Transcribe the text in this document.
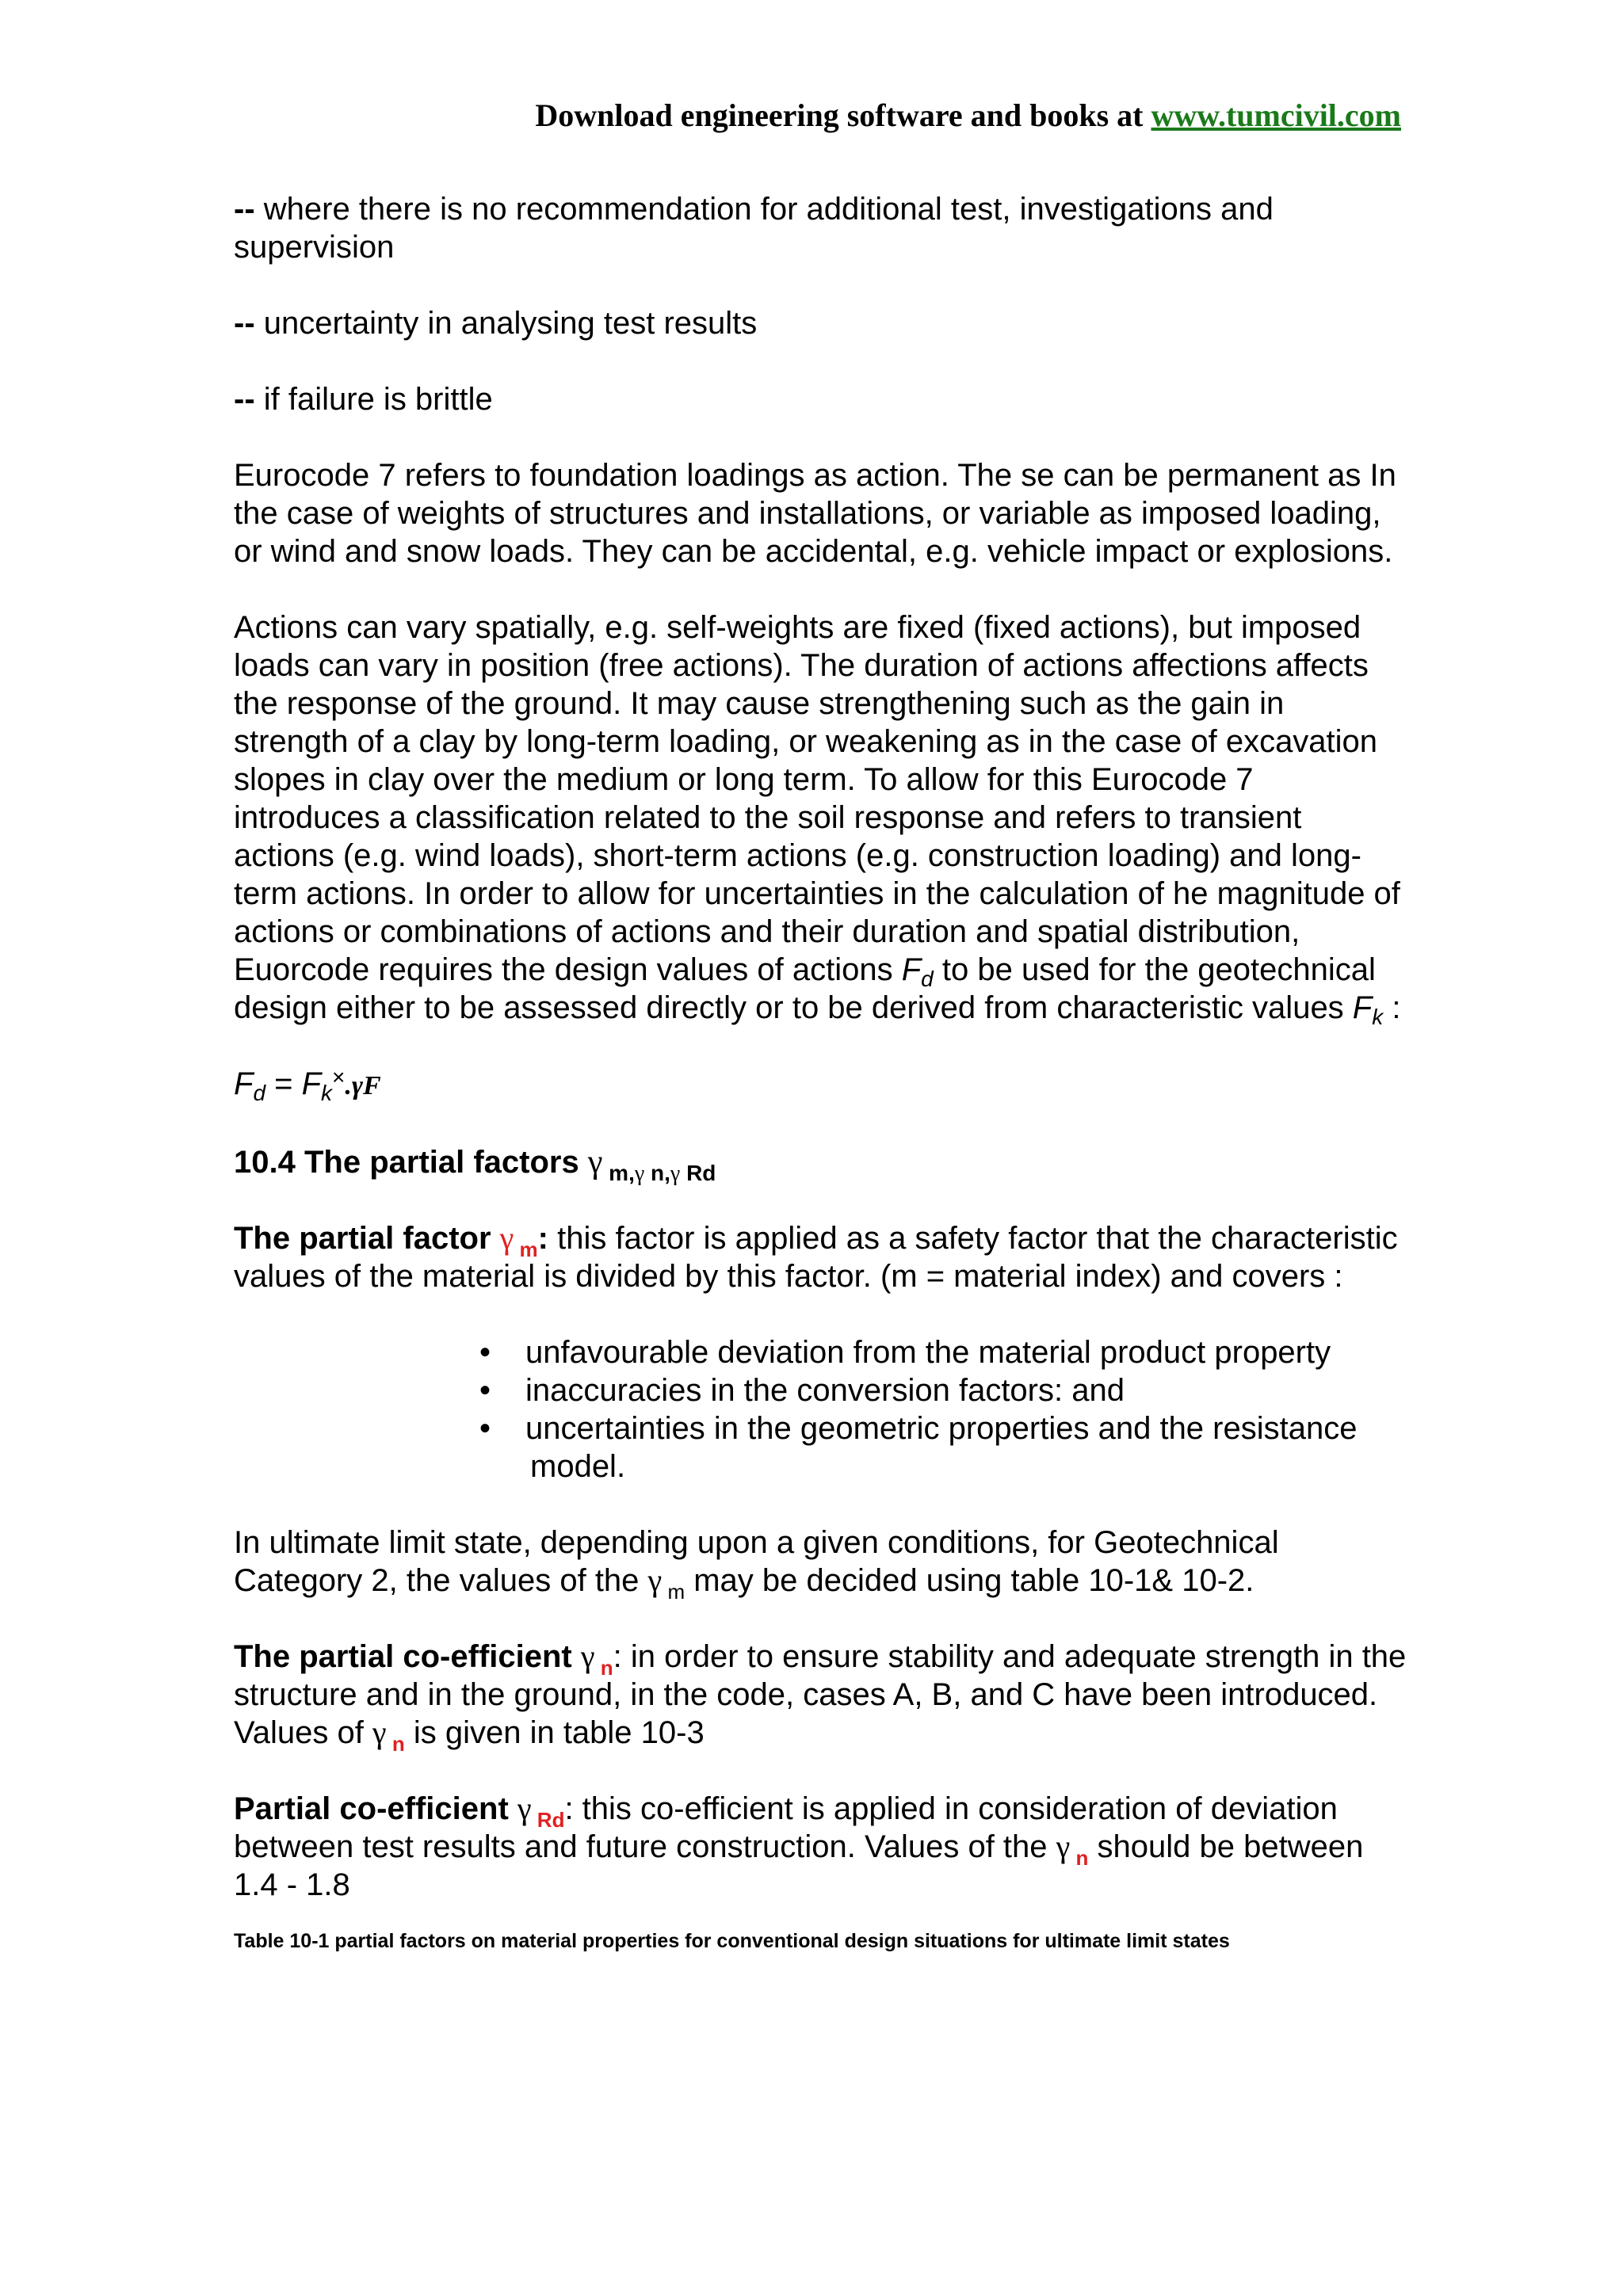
Download engineering software and books at www.tumcivil.com

-- where there is no recommendation for additional test, investigations and supervision

-- uncertainty in analysing test results

-- if failure is brittle

Eurocode 7 refers to foundation loadings as action. The se can be permanent as In the case of weights of structures and installations, or variable as imposed loading, or wind and snow loads. They can be accidental, e.g. vehicle impact or explosions.

Actions can vary spatially, e.g. self-weights are fixed (fixed actions), but imposed loads can vary in position (free actions). The duration of actions affections affects the response of the ground. It may cause strengthening such as the gain in strength of a clay by long-term loading, or weakening as in the case of excavation slopes in clay over the medium or long term. To allow for this Eurocode 7 introduces a classification related to the soil response and refers to transient actions (e.g. wind loads), short-term actions (e.g. construction loading) and long-term actions. In order to allow for uncertainties in the calculation of he magnitude of actions or combinations of actions and their duration and spatial distribution, Euorcode requires the design values of actions $F_d$ to be used for the geotechnical design either to be assessed directly or to be derived from characteristic values $F_k$ :

$F_d = F_k^\times.\gamma F$

10.4 The partial factors γ $_{m,\gamma}$ $_{n,\gamma}$ $_{Rd}$

The partial factor γ $_m$: this factor is applied as a safety factor that the characteristic values of the material is divided by this factor. (m = material index) and covers :

• unfavourable deviation from the material product property
• inaccuracies in the conversion factors: and
• uncertainties in the geometric properties and the resistance
model.

In ultimate limit state, depending upon a given conditions, for Geotechnical Category 2, the values of the γ $_m$ may be decided using table 10-1& 10-2.

The partial co-efficient γ $_n$: in order to ensure stability and adequate strength in the structure and in the ground, in the code, cases A, B, and C have been introduced. Values of γ $_n$ is given in table 10-3

Partial co-efficient γ $_{Rd}$: this co-efficient is applied in consideration of deviation between test results and future construction. Values of the γ $_n$ should be between 1.4 - 1.8

Table 10-1 partial factors on material properties for conventional design situations for ultimate limit states
